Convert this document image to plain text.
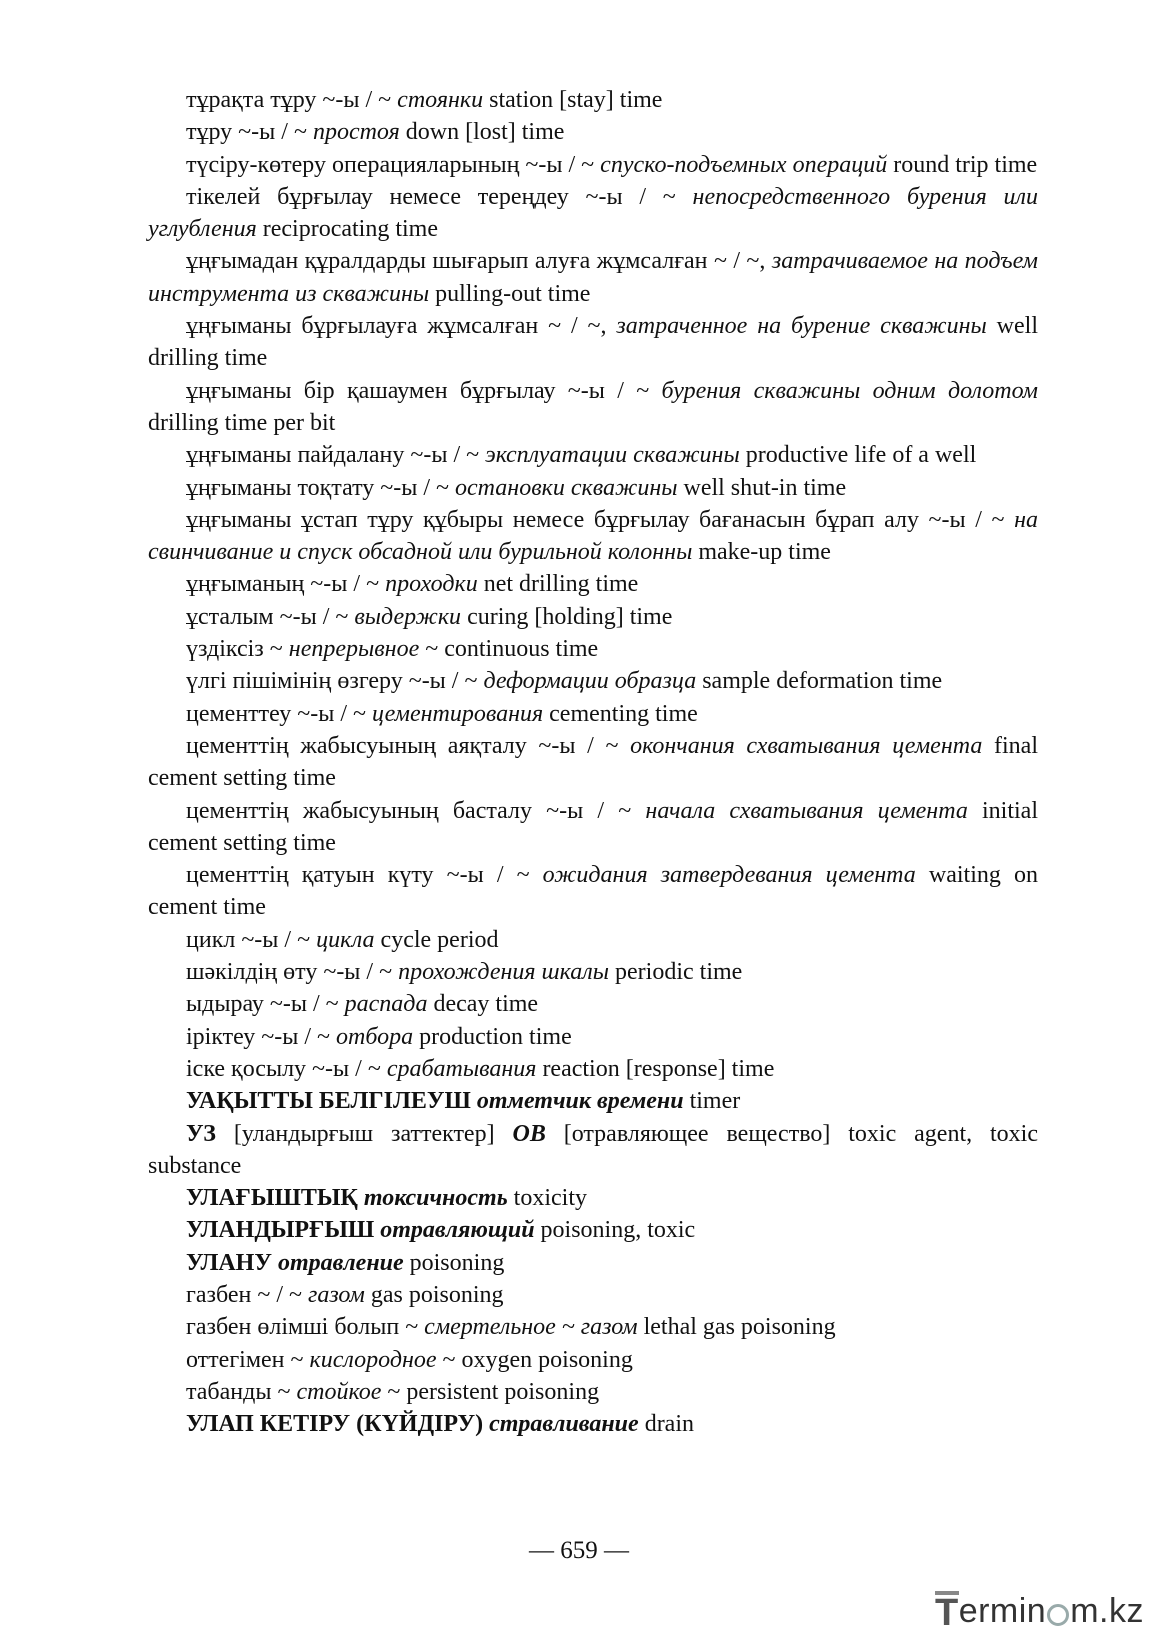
тұрақта тұру ~-ы / ~ стоянки station [stay] time

тұру ~-ы / ~ простоя down [lost] time

түсіру-көтеру операцияларының ~-ы / ~ спуско-подъемных операций round trip time

тікелей бұрғылау немесе тереңдеу ~-ы / ~ непосредственного бурения или углубления reciprocating time

ұңғымадан құралдарды шығарып алуға жұмсалған ~ / ~, затрачиваемое на подъем инструмента из скважины pulling-out time

ұңғыманы бұрғылауға жұмсалған ~ / ~, затраченное на бурение скважины well drilling time

ұңғыманы бір қашаумен бұрғылау ~-ы / ~ бурения скважины одним долотом drilling time per bit

ұңғыманы пайдалану ~-ы / ~ эксплуатации скважины productive life of a well

ұңғыманы тоқтату ~-ы / ~ остановки скважины well shut-in time

ұңғыманы ұстап тұру құбыры немесе бұрғылау бағанасын бұрап алу ~-ы / ~ на свинчивание и спуск обсадной или бурильной колонны make-up time

ұңғыманың ~-ы / ~ проходки net drilling time

ұсталым ~-ы / ~ выдержки curing [holding] time

үздіксіз ~ непрерывное ~ continuous time

үлгі пішімінің өзгеру ~-ы / ~ деформации образца sample deformation time

цементтеу ~-ы / ~ цементирования cementing time

цементтің жабысуының аяқталу ~-ы / ~ окончания схватывания цемента final cement setting time

цементтің жабысуының басталу ~-ы / ~ начала схватывания цемента initial cement setting time

цементтің қатуын күту ~-ы / ~ ожидания затвердевания цемента waiting on cement time

цикл ~-ы / ~ цикла cycle period

шәкілдің өту ~-ы / ~ прохождения шкалы periodic time

ыдырау ~-ы / ~ распада decay time

іріктеу ~-ы / ~ отбора production time

іске қосылу ~-ы / ~ срабатывания reaction [response] time

УАҚЫТТЫ БЕЛГІЛЕУШ отметчик времени timer

УЗ [уландырғыш заттектер] ОВ [отравляющее вещество] toxic agent, toxic substance

УЛАҒЫШТЫҚ токсичность toxicity

УЛАНДЫРҒЫШ отравляющий poisoning, toxic

УЛАНУ отравление poisoning

газбен ~ / ~ газом gas poisoning

газбен өлімші болып ~ смертельное ~ газом lethal gas poisoning

оттегімен ~ кислородное ~ oxygen poisoning

табанды ~ стойкое ~ persistent poisoning

УЛАП КЕТІРУ (КҮЙДІРУ) стравливание drain

— 659 —
T ermin m.kz
